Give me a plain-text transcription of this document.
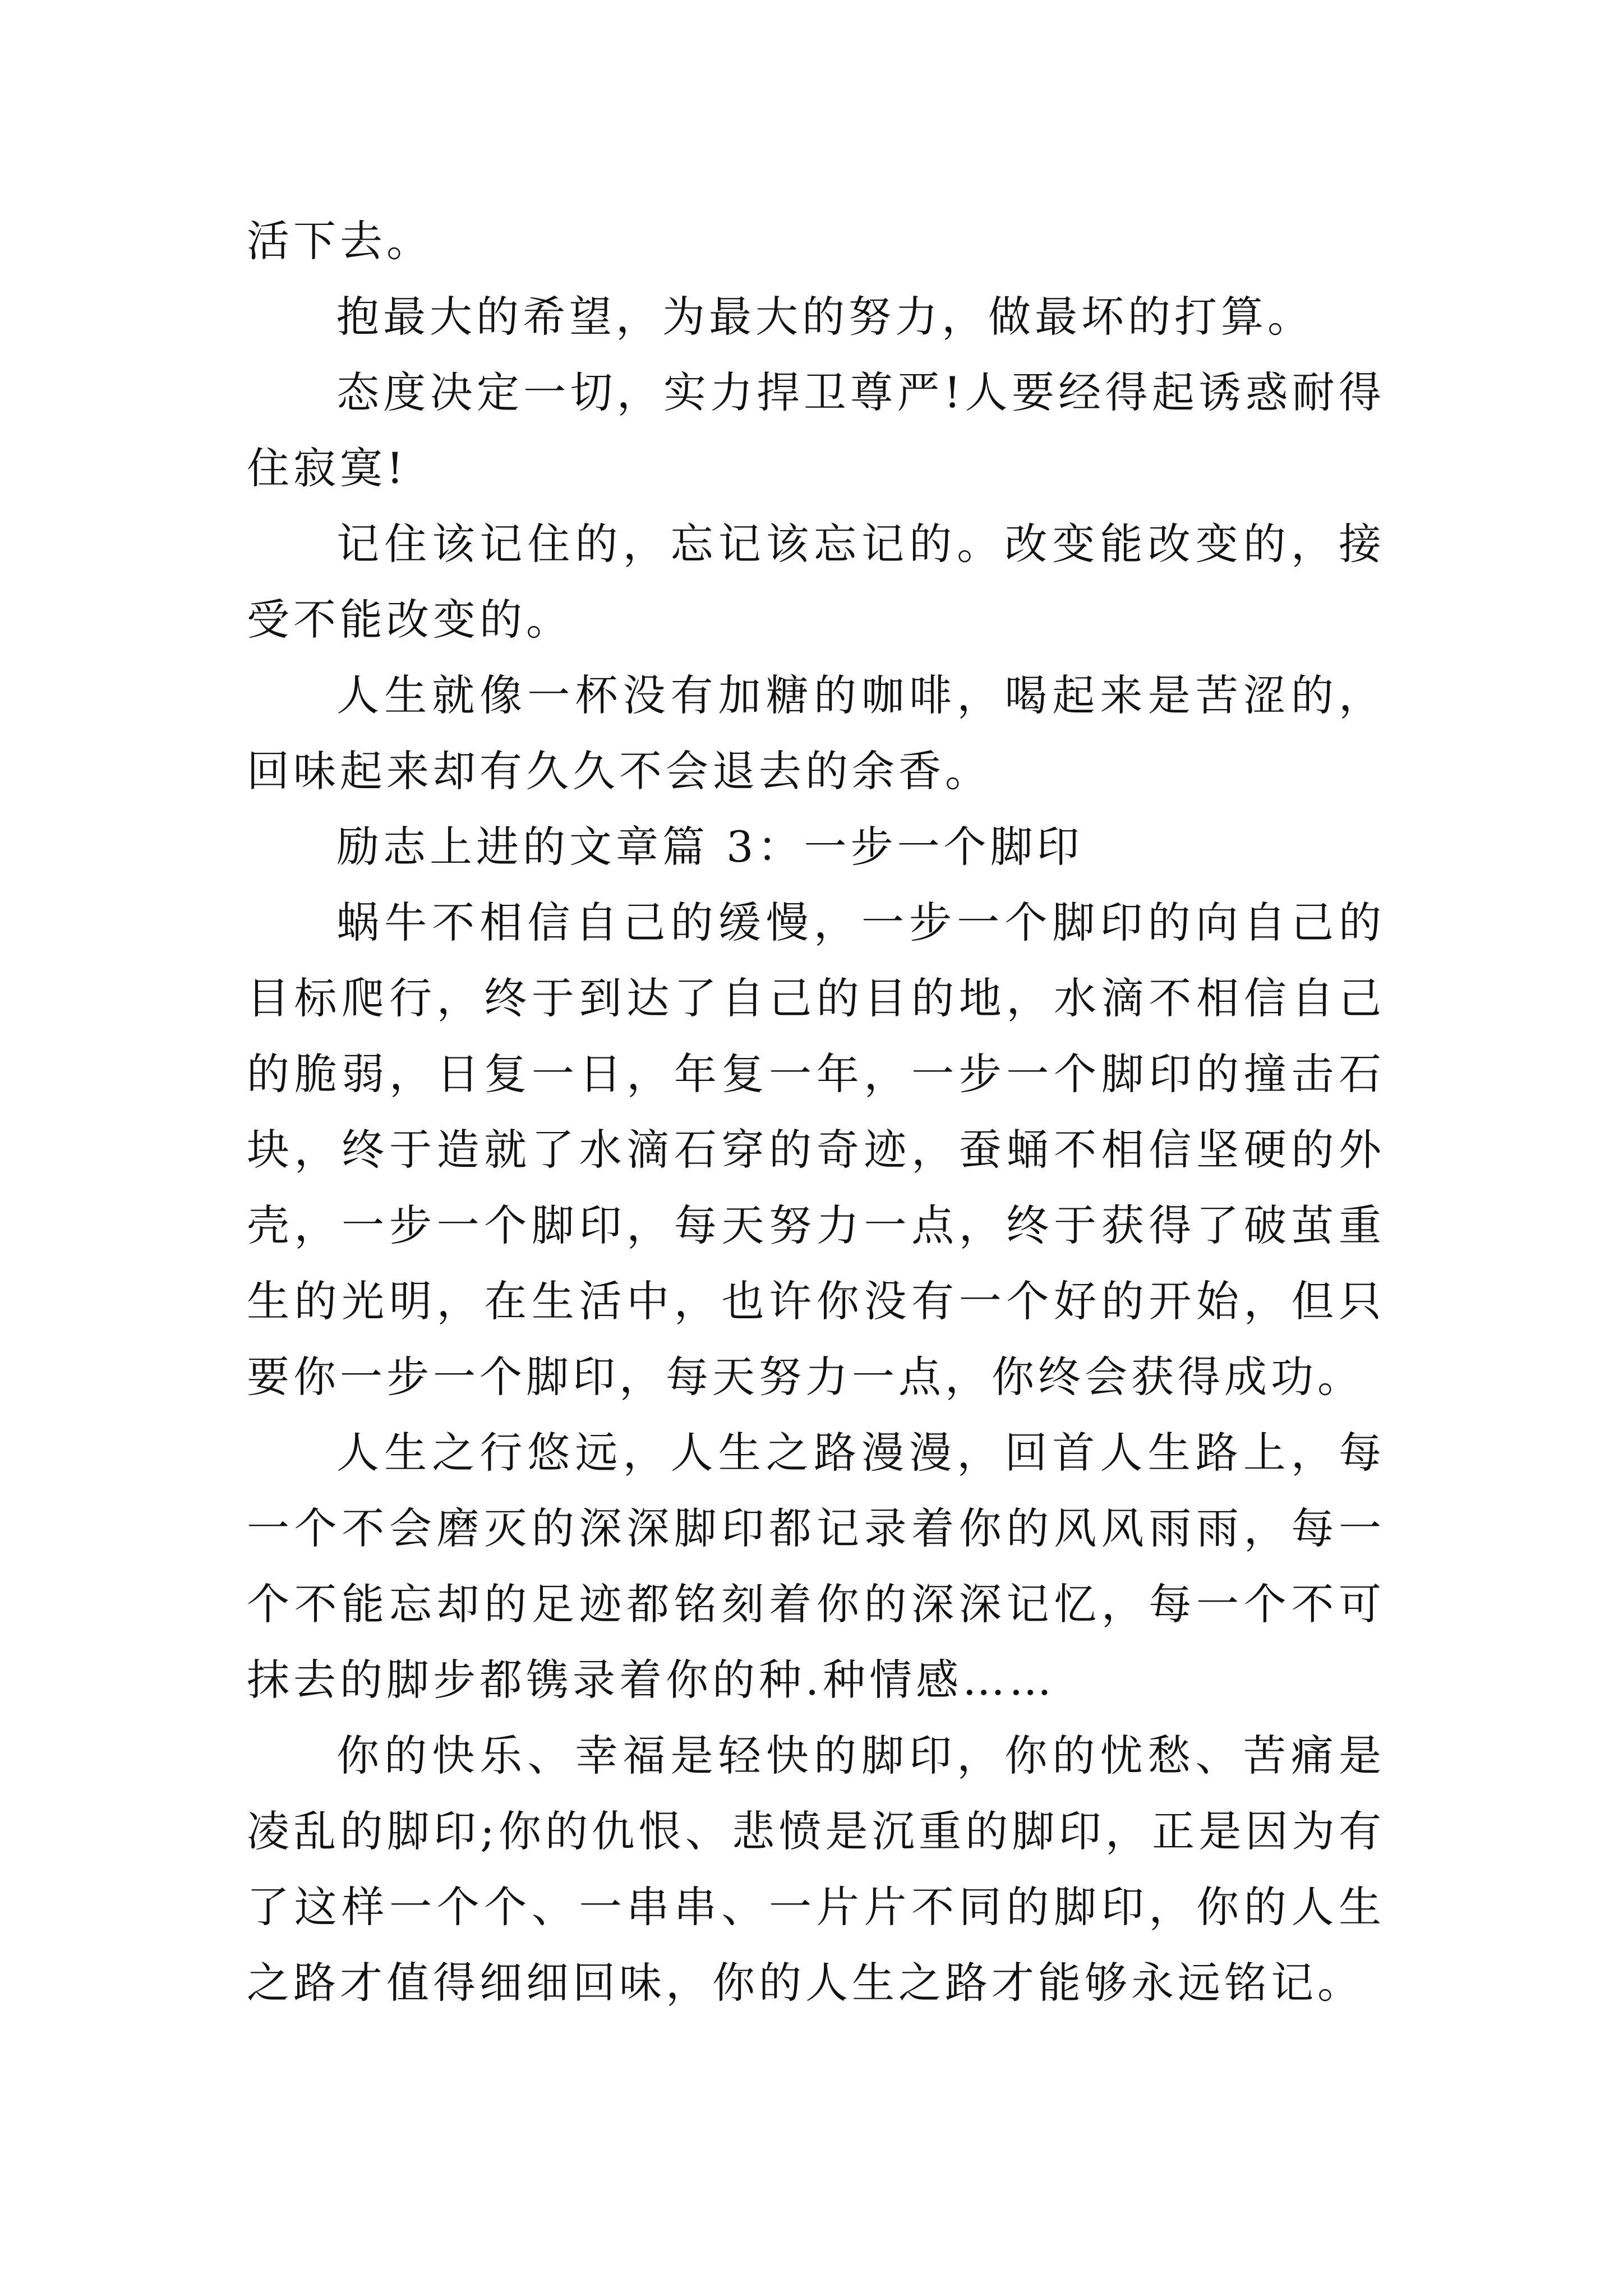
活下去。

抱最大的希望，为最大的努力，做最坏的打算。

态度决定一切，实力捍卫尊严!人要经得起诱惑耐得住寂寞!

记住该记住的，忘记该忘记的。改变能改变的，接受不能改变的。

人生就像一杯没有加糖的咖啡，喝起来是苦涩的，回味起来却有久久不会退去的余香。

励志上进的文章篇 3：一步一个脚印

蜗牛不相信自己的缓慢，一步一个脚印的向自己的目标爬行，终于到达了自己的目的地，水滴不相信自己的脆弱，日复一日，年复一年，一步一个脚印的撞击石块，终于造就了水滴石穿的奇迹，蚕蛹不相信坚硬的外壳，一步一个脚印，每天努力一点，终于获得了破茧重生的光明，在生活中，也许你没有一个好的开始，但只要你一步一个脚印，每天努力一点，你终会获得成功。

人生之行悠远，人生之路漫漫，回首人生路上，每一个不会磨灭的深深脚印都记录着你的风风雨雨，每一个不能忘却的足迹都铭刻着你的深深记忆，每一个不可抹去的脚步都镌录着你的种.种情感……

你的快乐、幸福是轻快的脚印，你的忧愁、苦痛是凌乱的脚印;你的仇恨、悲愤是沉重的脚印，正是因为有了这样一个个、一串串、一片片不同的脚印，你的人生之路才值得细细回味，你的人生之路才能够永远铭记。
